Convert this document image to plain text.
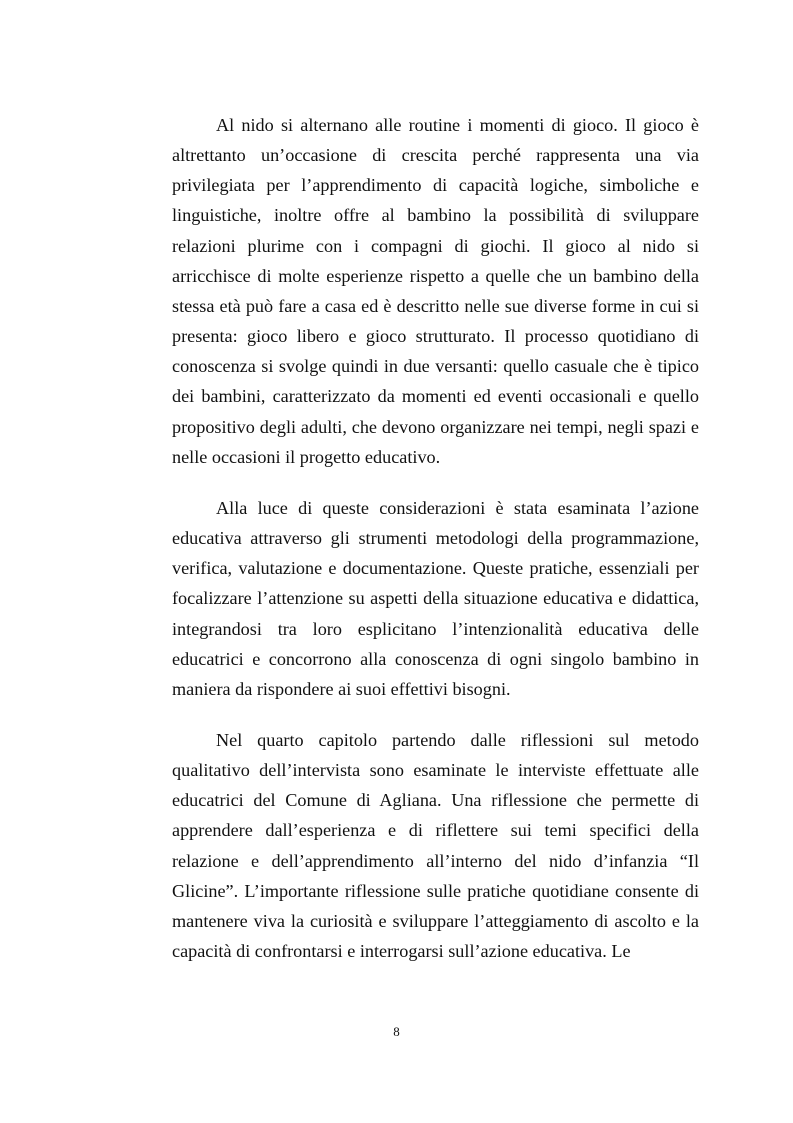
Al nido si alternano alle routine i momenti di gioco. Il gioco è altrettanto un’occasione di crescita perché rappresenta una via privilegiata per l’apprendimento di capacità logiche, simboliche e linguistiche, inoltre offre al bambino la possibilità di sviluppare relazioni plurime con i compagni di giochi. Il gioco al nido si arricchisce di molte esperienze rispetto a quelle che un bambino della stessa età può fare a casa ed è descritto nelle sue diverse forme in cui si presenta: gioco libero e gioco strutturato. Il processo quotidiano di conoscenza si svolge quindi in due versanti: quello casuale che è tipico dei bambini, caratterizzato da momenti ed eventi occasionali e quello propositivo degli adulti, che devono organizzare nei tempi, negli spazi e nelle occasioni il progetto educativo.

Alla luce di queste considerazioni è stata esaminata l’azione educativa attraverso gli strumenti metodologi della programmazione, verifica, valutazione e documentazione. Queste pratiche, essenziali per focalizzare l’attenzione su aspetti della situazione educativa e didattica, integrandosi tra loro esplicitano l’intenzionalità educativa delle educatrici e concorrono alla conoscenza di ogni singolo bambino in maniera da rispondere ai suoi effettivi bisogni.

Nel quarto capitolo partendo dalle riflessioni sul metodo qualitativo dell’intervista sono esaminate le interviste effettuate alle educatrici del Comune di Agliana. Una riflessione che permette di apprendere dall’esperienza e di riflettere sui temi specifici della relazione e dell’apprendimento all’interno del nido d’infanzia “Il Glicine”. L’importante riflessione sulle pratiche quotidiane consente di mantenere viva la curiosità e sviluppare l’atteggiamento di ascolto e la capacità di confrontarsi e interrogarsi sull’azione educativa. Le

8
